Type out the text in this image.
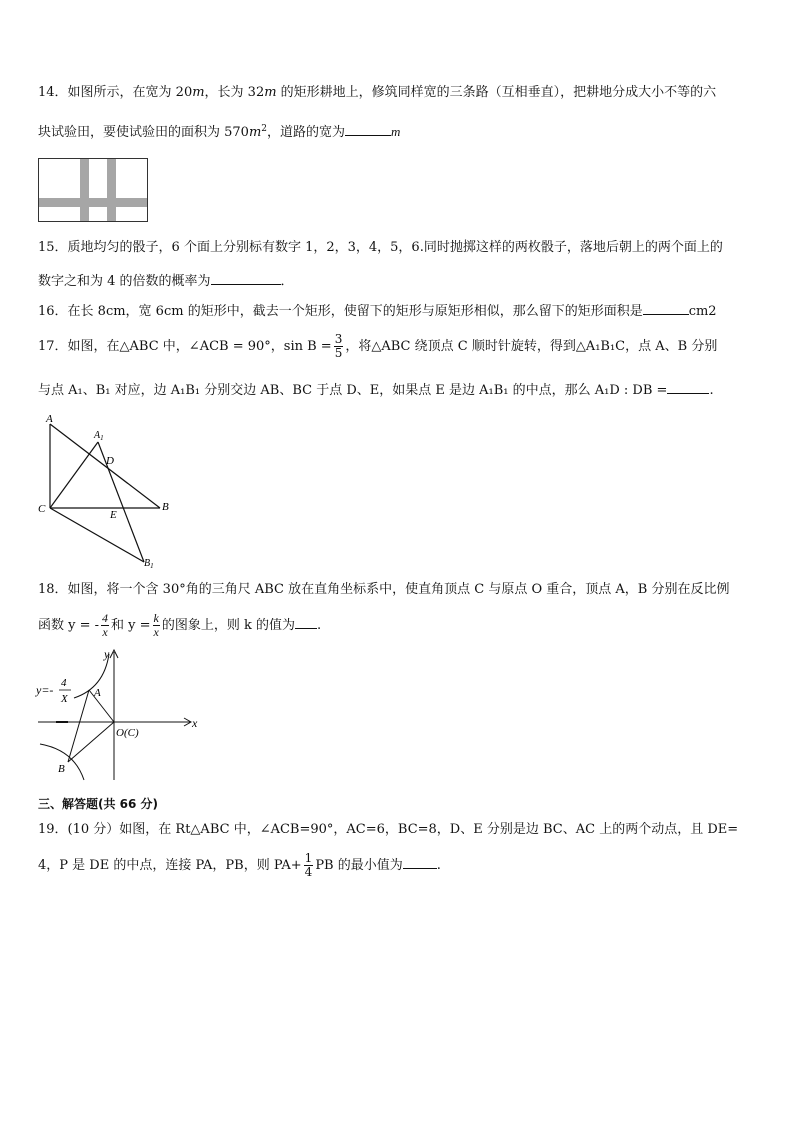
14．如图所示，在宽为 20𝑚，长为 32𝑚 的矩形耕地上，修筑同样宽的三条路（互相垂直），把耕地分成大小不等的六
块试验田，要使试验田的面积为 570𝑚$^2$，道路的宽为	m
15．质地均匀的骰子，6 个面上分别标有数字 1，2，3，4，5，6.同时抛掷这样的两枚骰子，落地后朝上的两个面上的
数字之和为 4 的倍数的概率为	．
16．在长 8cm，宽 6cm 的矩形中，截去一个矩形，使留下的矩形与原矩形相似，那么留下的矩形面积是	cm2
17．如图，在△ABC 中，∠ACB = 90°，$\sin B = \frac{3}{5}$ ，将△ABC 绕顶点 C 顺时针旋转，得到△A₁B₁C，点 A、B 分别
与点 A₁、B₁ 对应，边 A₁B₁ 分别交边 AB、BC 于点 D、E，如果点 E 是边 A₁B₁ 的中点，那么 A₁D : DB =	.
A
$A_1$
D
C	E
B
$B_1$
18．如图，将一个含 30°角的三角尺 ABC 放在直角坐标系中，使直角顶点 C 与原点 O 重合，顶点 A，B 分别在反比例
函数 y = - $\frac{4}{x}$ 和 $y = \frac{k}{x}$ 的图象上，则 k 的值为 .
y
x
y=- 4
X A
B
O(C)
三、解答题(共 66 分)
19．(10 分）如图，在 Rt△ABC 中，∠ACB=90°，AC=6，BC=8，D、E 分别是边 BC、AC 上的两个动点，且 DE=
4，P 是 DE 的中点，连接 PA，PB，则 $PA+ \frac{1}{4}$ PB 的最小值为	.
